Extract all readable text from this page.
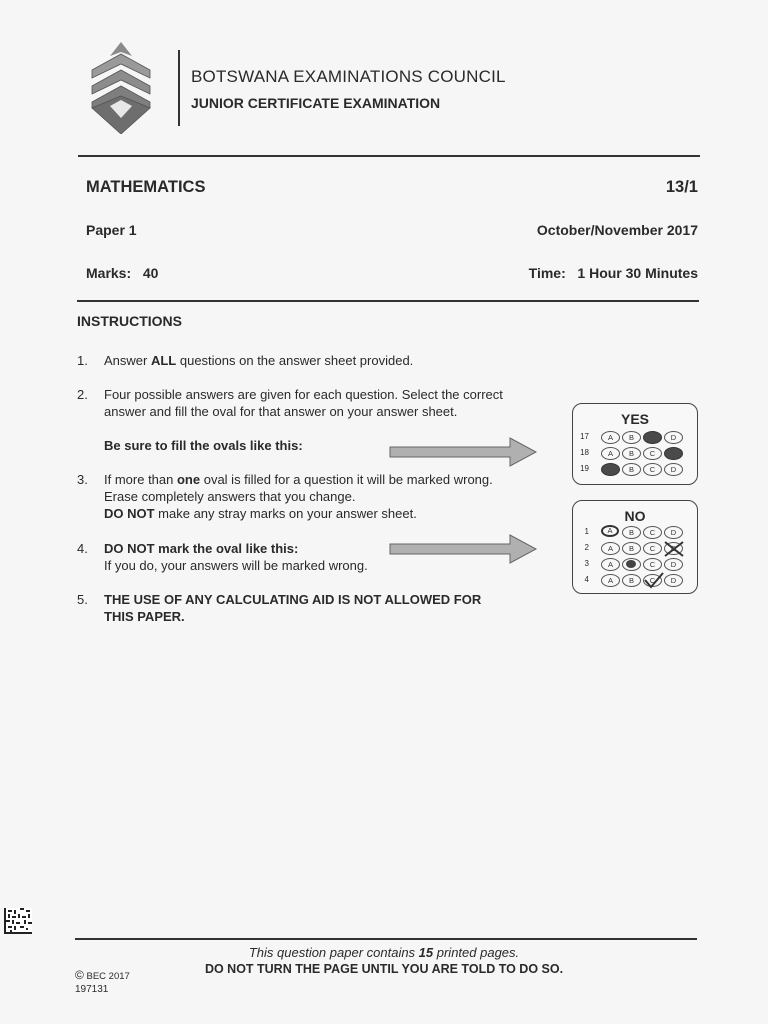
BOTSWANA EXAMINATIONS COUNCIL
JUNIOR CERTIFICATE EXAMINATION
MATHEMATICS	13/1
Paper 1	October/November 2017
Marks: 40	Time: 1 Hour 30 Minutes
INSTRUCTIONS
1. Answer ALL questions on the answer sheet provided.
2. Four possible answers are given for each question. Select the correct answer and fill the oval for that answer on your answer sheet.
Be sure to fill the ovals like this:
3. If more than one oval is filled for a question it will be marked wrong.
Erase completely answers that you change.
DO NOT make any stray marks on your answer sheet.
4. DO NOT mark the oval like this:
If you do, your answers will be marked wrong.
5. THE USE OF ANY CALCULATING AID IS NOT ALLOWED FOR THIS PAPER.
YES
17	A	B	D
18	A	B	C
19	B	C	D
NO
1	A	B	C	D
2	A	B	C
3	A	C	D
4	A	B	C	D
This question paper contains 15 printed pages.
DO NOT TURN THE PAGE UNTIL YOU ARE TOLD TO DO SO.
© BEC 2017
197131
